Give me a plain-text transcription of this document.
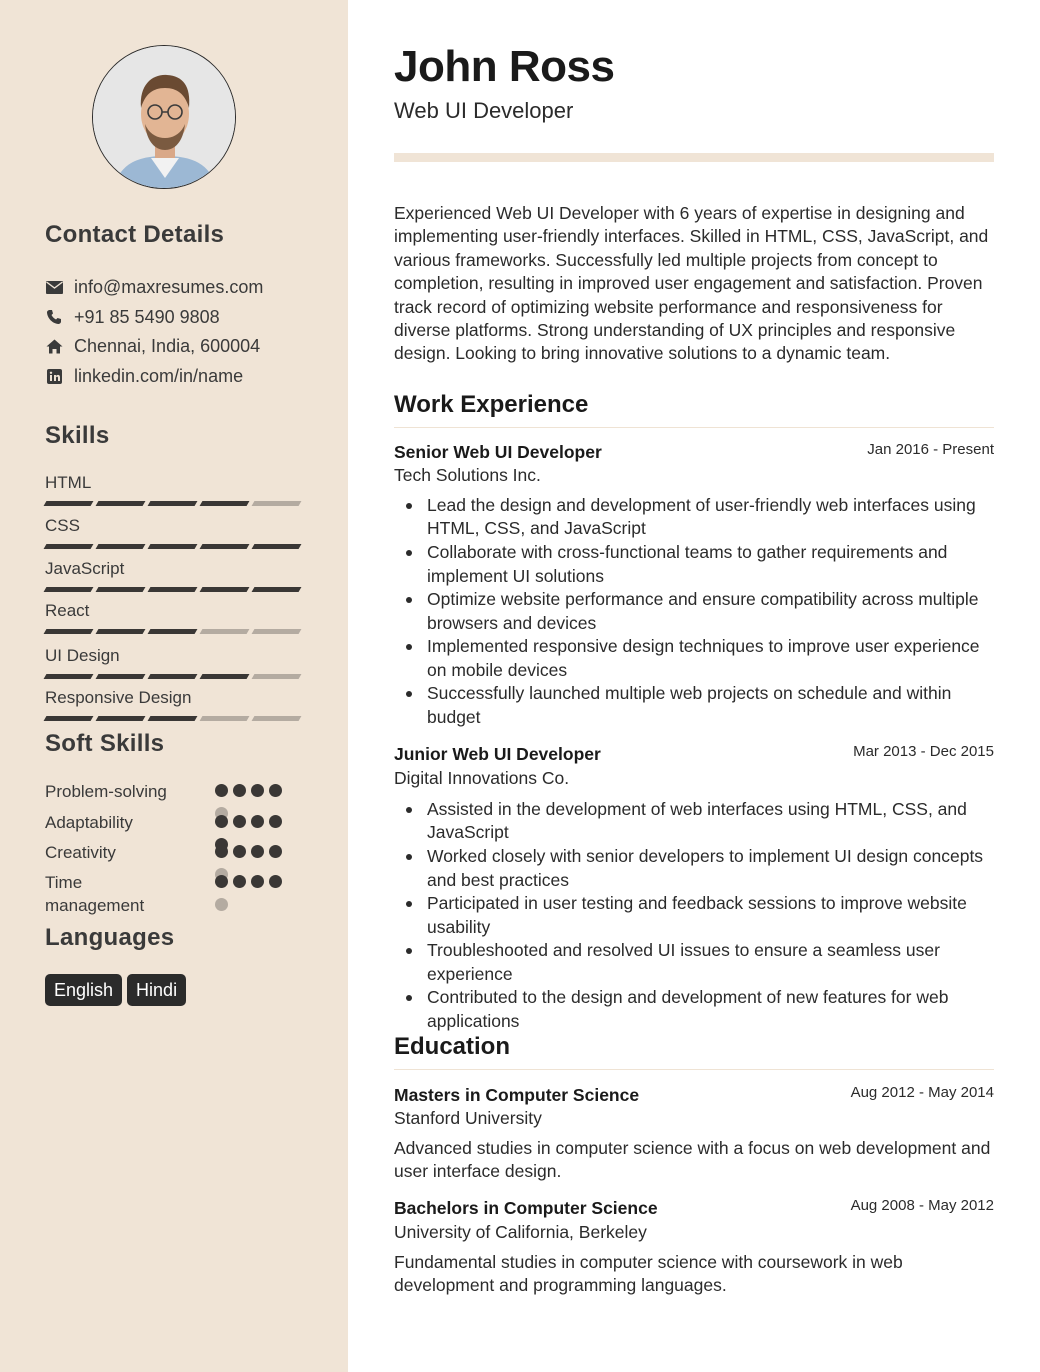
Contact Details
info@maxresumes.com
+91 85 5490 9808
Chennai, India, 600004
linkedin.com/in/name
Skills
HTML
CSS
JavaScript
React
UI Design
Responsive Design
Soft Skills
Problem-solving
Adaptability
Creativity
Time management
Languages
English	Hindi
John Ross
Web UI Developer

Experienced Web UI Developer with 6 years of expertise in designing and implementing user-friendly interfaces. Skilled in HTML, CSS, JavaScript, and various frameworks. Successfully led multiple projects from concept to completion, resulting in improved user engagement and satisfaction. Proven track record of optimizing website performance and responsiveness for diverse platforms. Strong understanding of UX principles and responsive design. Looking to bring innovative solutions to a dynamic team.

Work Experience
Senior Web UI Developer	Jan 2016 - Present
Tech Solutions Inc.
Lead the design and development of user-friendly web interfaces using HTML, CSS, and JavaScript
Collaborate with cross-functional teams to gather requirements and implement UI solutions
Optimize website performance and ensure compatibility across multiple browsers and devices
Implemented responsive design techniques to improve user experience on mobile devices
Successfully launched multiple web projects on schedule and within budget
Junior Web UI Developer	Mar 2013 - Dec 2015
Digital Innovations Co.
Assisted in the development of web interfaces using HTML, CSS, and JavaScript
Worked closely with senior developers to implement UI design concepts and best practices
Participated in user testing and feedback sessions to improve website usability
Troubleshooted and resolved UI issues to ensure a seamless user experience
Contributed to the design and development of new features for web applications
Education
Masters in Computer Science	Aug 2012 - May 2014
Stanford University

Advanced studies in computer science with a focus on web development and user interface design.

Bachelors in Computer Science	Aug 2008 - May 2012
University of California, Berkeley

Fundamental studies in computer science with coursework in web development and programming languages.
